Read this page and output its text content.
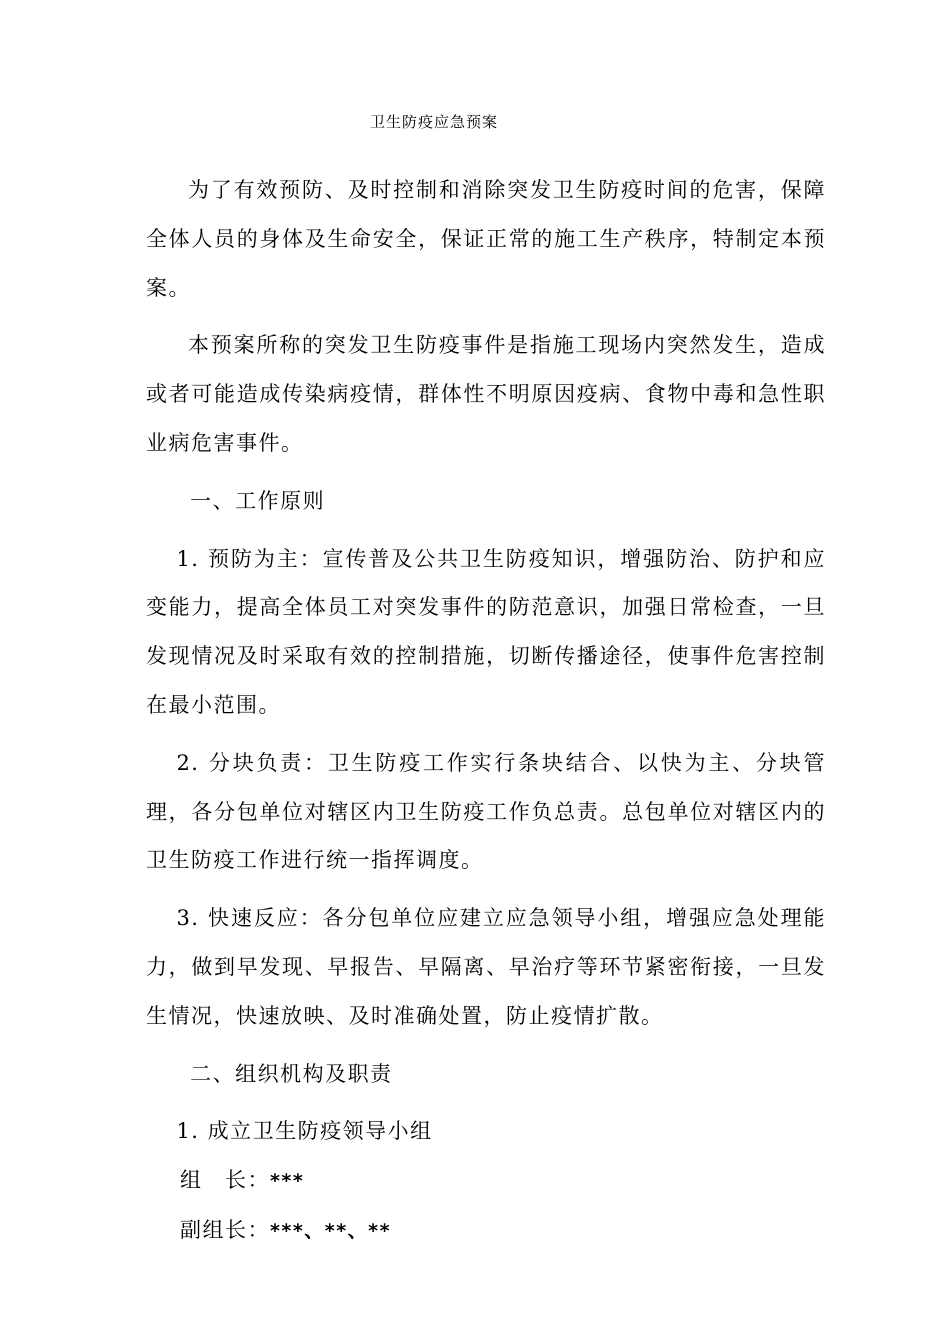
卫生防疫应急预案

为了有效预防、及时控制和消除突发卫生防疫时间的危害，保障全体人员的身体及生命安全，保证正常的施工生产秩序，特制定本预案。

本预案所称的突发卫生防疫事件是指施工现场内突然发生，造成或者可能造成传染病疫情，群体性不明原因疫病、食物中毒和急性职业病危害事件。

一、工作原则

1. 预防为主：宣传普及公共卫生防疫知识，增强防治、防护和应变能力，提高全体员工对突发事件的防范意识，加强日常检查，一旦发现情况及时采取有效的控制措施，切断传播途径，使事件危害控制在最小范围。

2. 分块负责：卫生防疫工作实行条块结合、以快为主、分块管理，各分包单位对辖区内卫生防疫工作负总责。总包单位对辖区内的卫生防疫工作进行统一指挥调度。

3. 快速反应：各分包单位应建立应急领导小组，增强应急处理能力，做到早发现、早报告、早隔离、早治疗等环节紧密衔接，一旦发生情况，快速放映、及时准确处置，防止疫情扩散。

二、组织机构及职责

1. 成立卫生防疫领导小组

组　长：***

副组长：***、**、**
